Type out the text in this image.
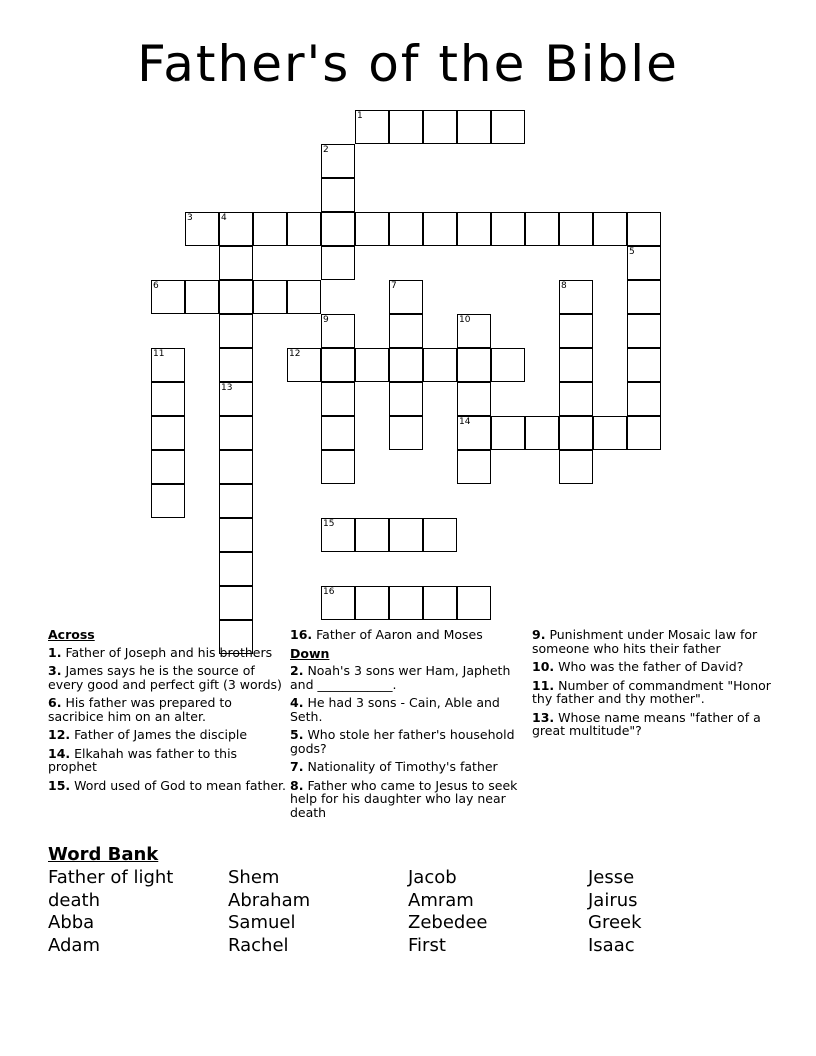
Father's of the Bible
1
2
3	4
5
6	7	8
9	10
14
11	12
13
15
16
Across
1. Father of Joseph and his brothers
3. James says he is the source of every good and perfect gift (3 words)
6. His father was prepared to sacribice him on an alter.
12. Father of James the disciple
14. Elkahah was father to this prophet
15. Word used of God to mean father.
16. Father of Aaron and Moses
Down
2. Noah's 3 sons wer Ham, Japheth and ____________.
4. He had 3 sons - Cain, Able and Seth.
5. Who stole her father's household gods?
7. Nationality of Timothy's father
8. Father who came to Jesus to seek help for his daughter who lay near death
9. Punishment under Mosaic law for someone who hits their father
10. Who was the father of David?
11. Number of commandment "Honor thy father and thy mother".
13. Whose name means "father of a great multitude"?
Word Bank
Father of light	Shem	Jacob	Jesse
death	Abraham	Amram	Jairus
Abba	Samuel	Zebedee	Greek
Adam	Rachel	First	Isaac
